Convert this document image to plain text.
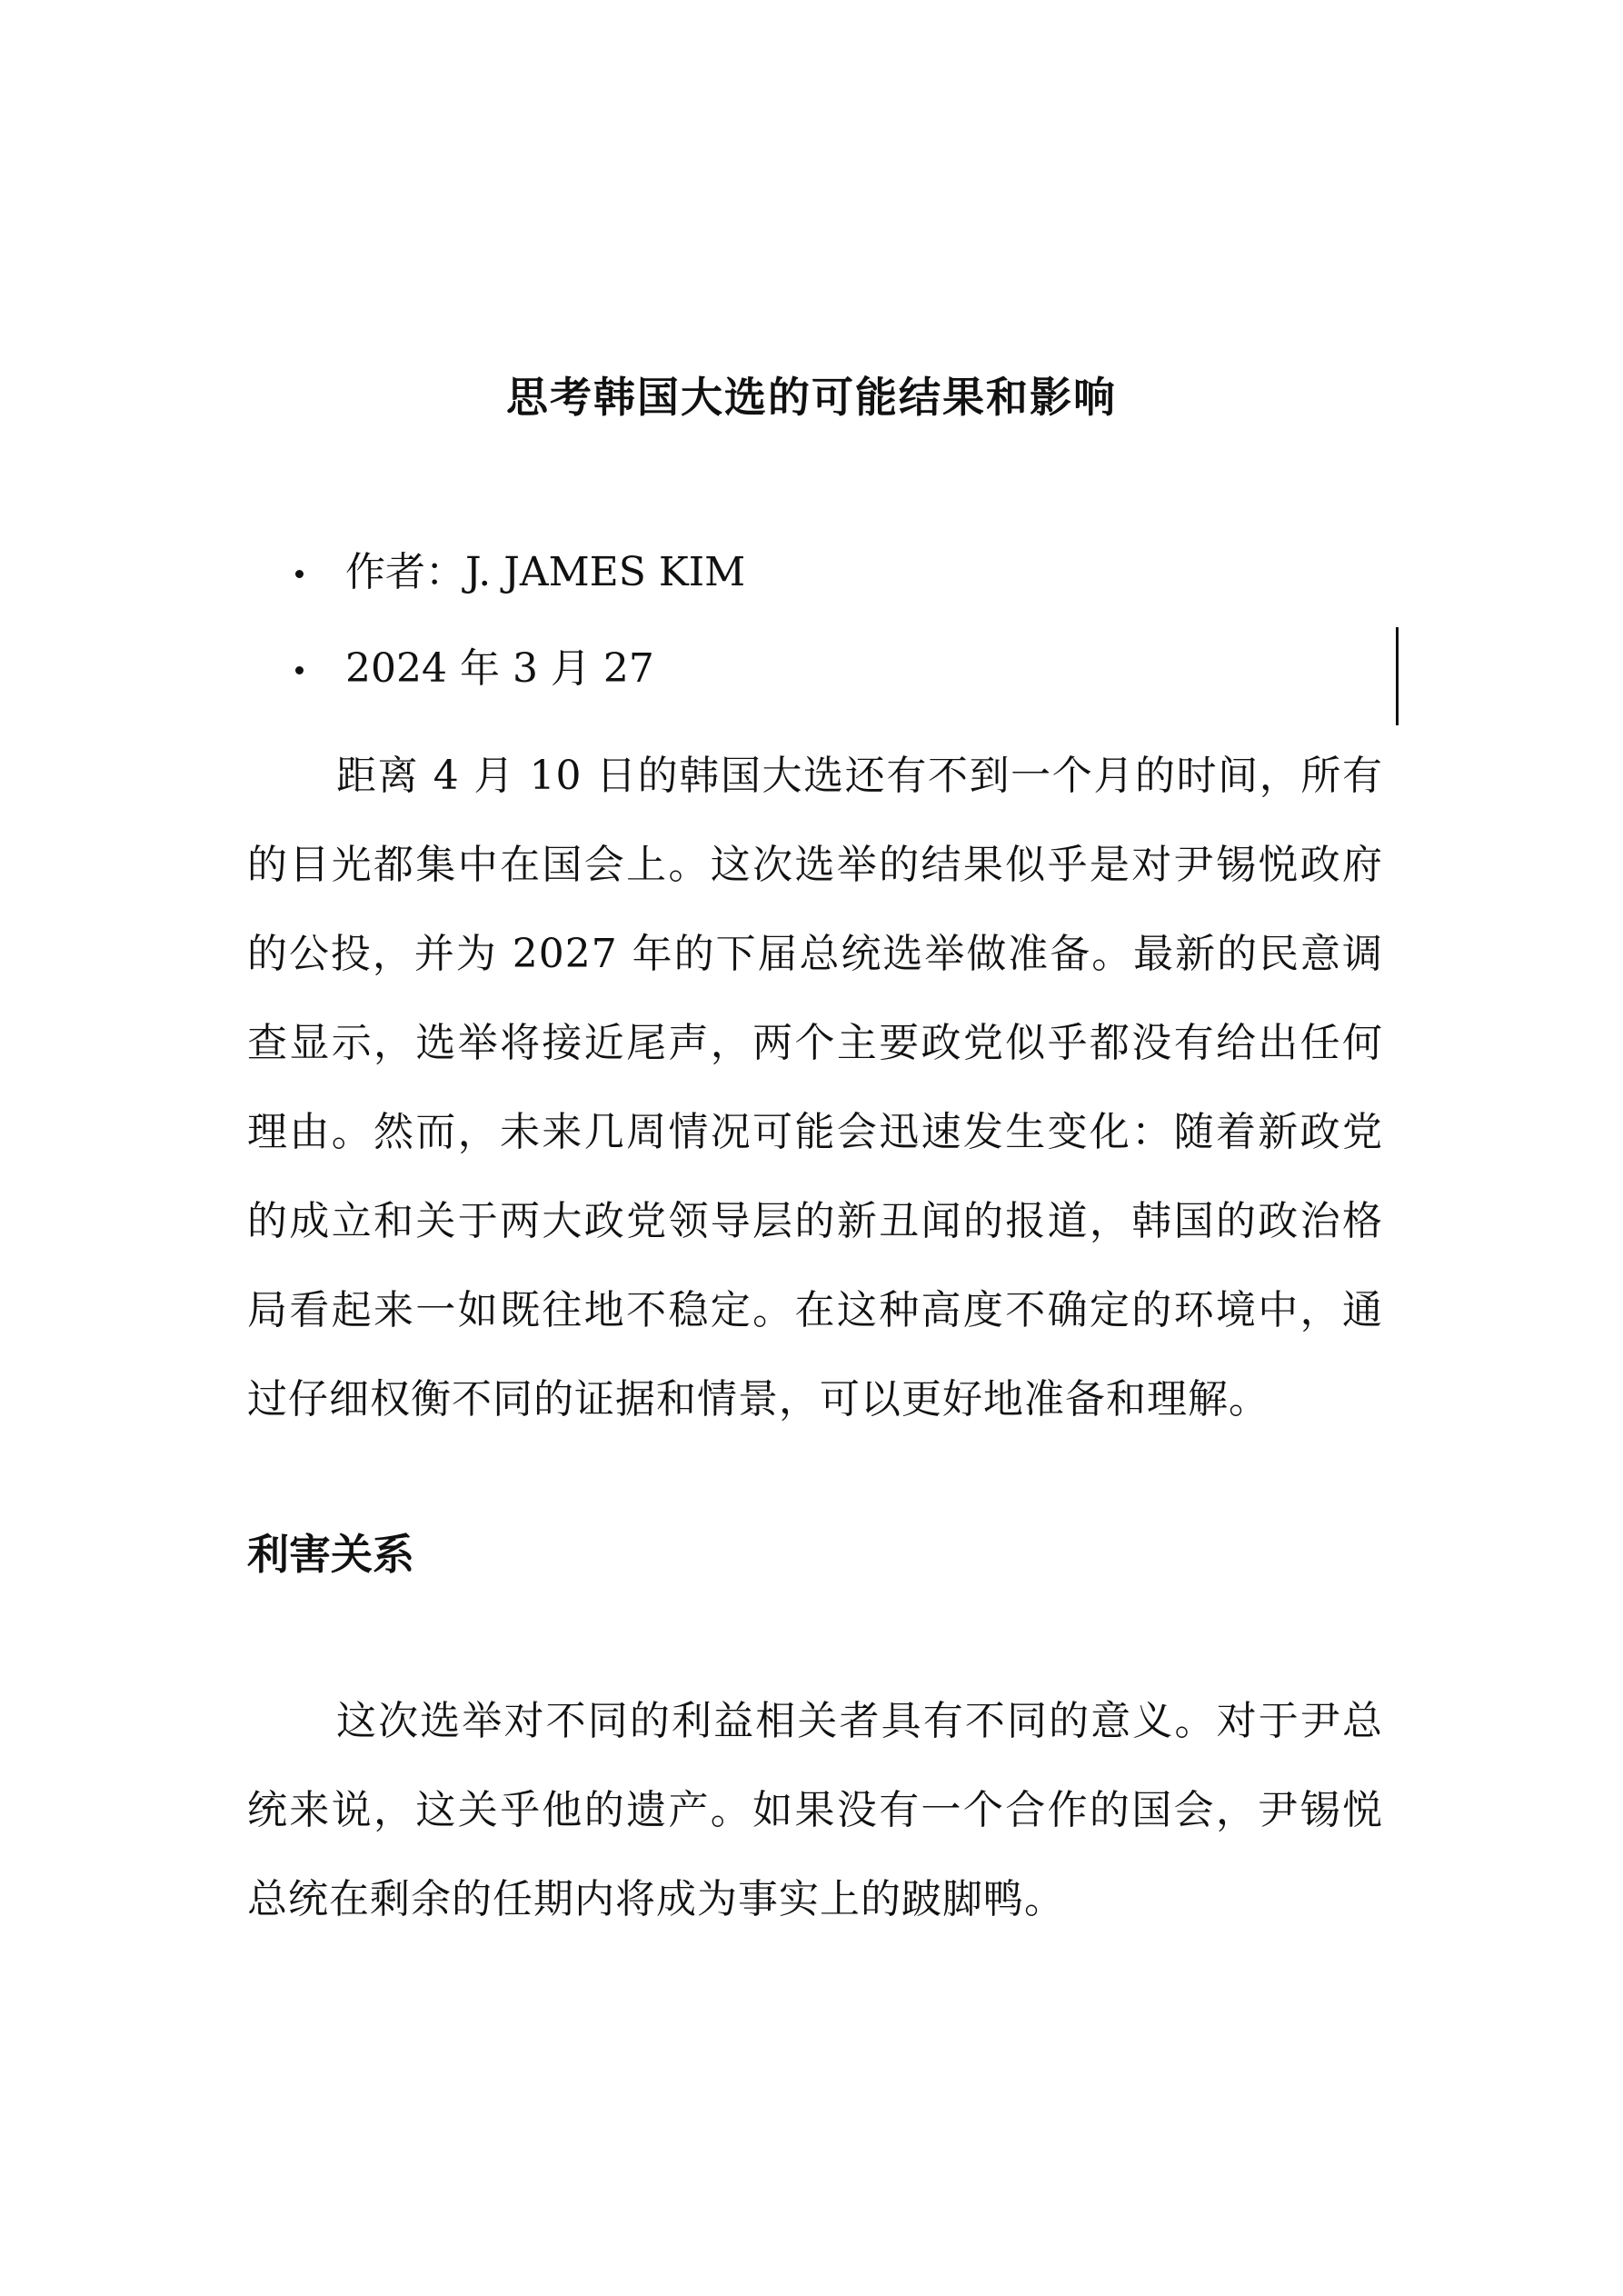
思考韩国大选的可能结果和影响
作者：J. JAMES KIM
2024 年 3 月 27

距离 4 月 10 日的韩国大选还有不到一个月的时间，所有的目光都集中在国会上。这次选举的结果似乎是对尹锡悦政府的公投，并为 2027 年的下届总统选举做准备。最新的民意调查显示，选举将接近尾声，两个主要政党似乎都没有给出任何理由。然而，未来几周情况可能会迅速发生变化：随着新政党的成立和关于两大政党领导层的新丑闻的报道，韩国的政治格局看起来一如既往地不稳定。在这种高度不确定的环境中，通过仔细权衡不同的证据和情景，可以更好地准备和理解。

利害关系

这次选举对不同的利益相关者具有不同的意义。对于尹总统来说，这关乎他的遗产。如果没有一个合作的国会，尹锡悦总统在剩余的任期内将成为事实上的跛脚鸭。
